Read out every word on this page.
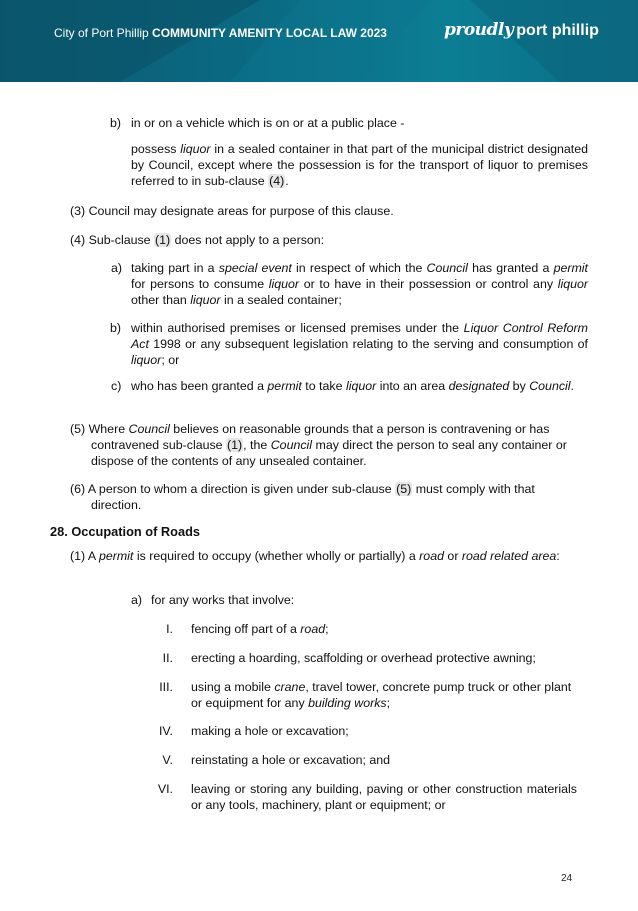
City of Port Phillip COMMUNITY AMENITY LOCAL LAW 2023	proudly port phillip
b) in or on a vehicle which is on or at a public place -
possess liquor in a sealed container in that part of the municipal district designated by Council, except where the possession is for the transport of liquor to premises referred to in sub-clause (4).
(3) Council may designate areas for purpose of this clause.
(4) Sub-clause (1) does not apply to a person:
a) taking part in a special event in respect of which the Council has granted a permit for persons to consume liquor or to have in their possession or control any liquor other than liquor in a sealed container;
b) within authorised premises or licensed premises under the Liquor Control Reform Act 1998 or any subsequent legislation relating to the serving and consumption of liquor; or
c) who has been granted a permit to take liquor into an area designated by Council.
(5) Where Council believes on reasonable grounds that a person is contravening or has contravened sub-clause (1), the Council may direct the person to seal any container or dispose of the contents of any unsealed container.
(6) A person to whom a direction is given under sub-clause (5) must comply with that direction.
28. Occupation of Roads
(1) A permit is required to occupy (whether wholly or partially) a road or road related area:
a) for any works that involve:
I. fencing off part of a road;
II. erecting a hoarding, scaffolding or overhead protective awning;
III. using a mobile crane, travel tower, concrete pump truck or other plant or equipment for any building works;
IV. making a hole or excavation;
V. reinstating a hole or excavation; and
VI. leaving or storing any building, paving or other construction materials or any tools, machinery, plant or equipment; or
24
